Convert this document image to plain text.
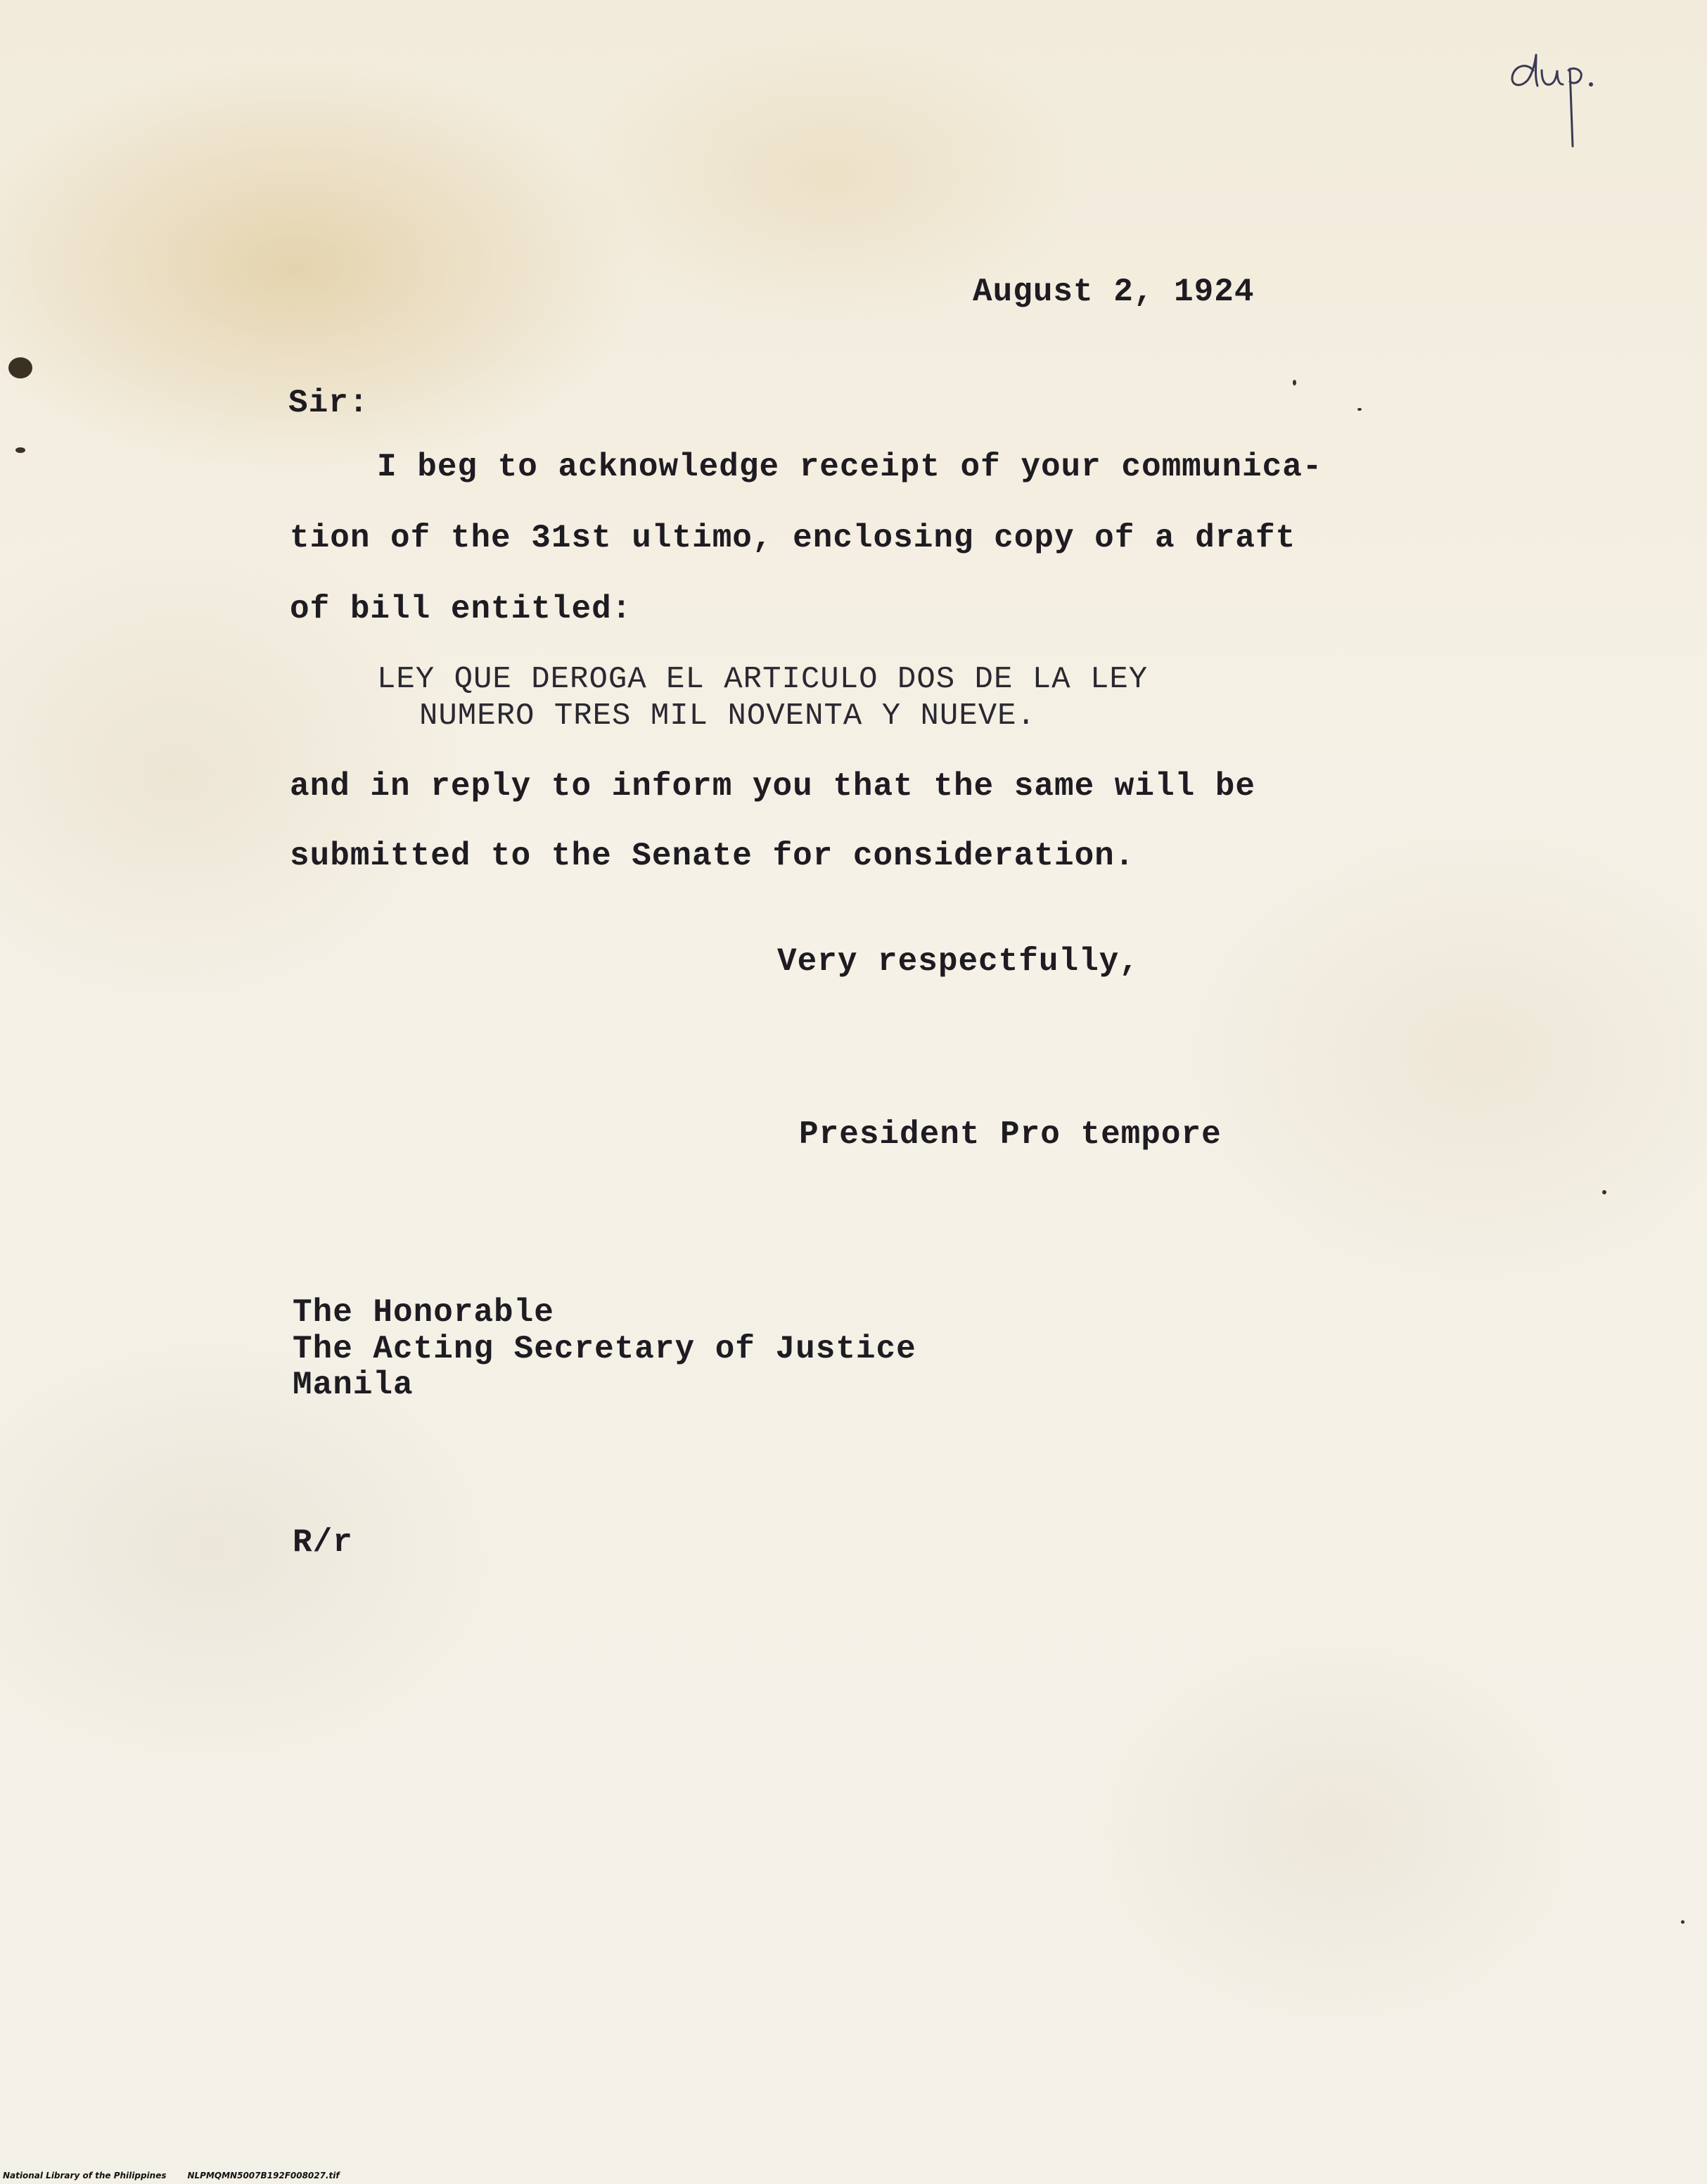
August 2, 1924
Sir:
I beg to acknowledge receipt of your communica-
tion of the 31st ultimo, enclosing copy of a draft
of bill entitled:
LEY QUE DEROGA EL ARTICULO DOS DE LA LEY
NUMERO TRES MIL NOVENTA Y NUEVE.
and in reply to inform you that the same will be
submitted to the Senate for consideration.
Very respectfully,
President Pro tempore
The Honorable
The Acting Secretary of Justice
Manila
R/r
National Library of the Philippines	NLPMQMN5007B192F008027.tif
